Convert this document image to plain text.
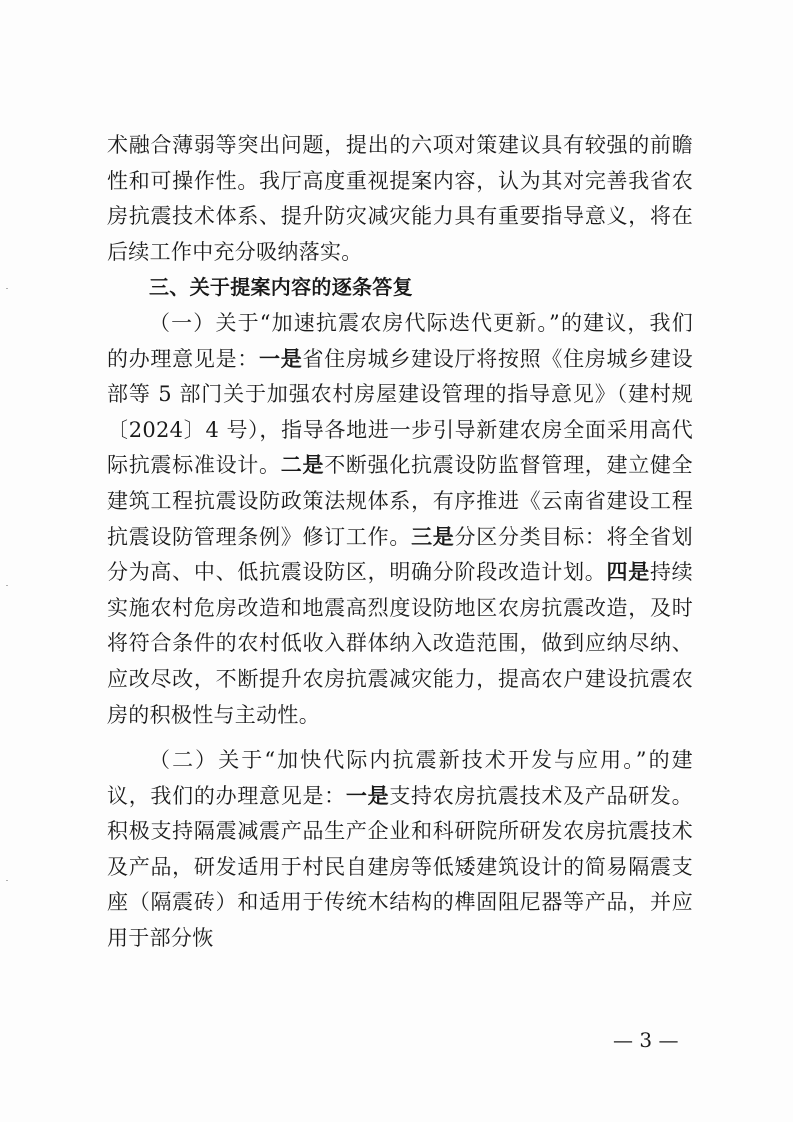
术融合薄弱等突出问题，提出的六项对策建议具有较强的前瞻性和可操作性。我厅高度重视提案内容，认为其对完善我省农房抗震技术体系、提升防灾减灾能力具有重要指导意义，将在后续工作中充分吸纳落实。

三、关于提案内容的逐条答复

（一）关于“加速抗震农房代际迭代更新。”的建议，我们的办理意见是：一是省住房城乡建设厅将按照《住房城乡建设部等 5 部门关于加强农村房屋建设管理的指导意见》（建村规〔2024〕4 号），指导各地进一步引导新建农房全面采用高代际抗震标准设计。二是不断强化抗震设防监督管理，建立健全建筑工程抗震设防政策法规体系，有序推进《云南省建设工程抗震设防管理条例》修订工作。三是分区分类目标：将全省划分为高、中、低抗震设防区，明确分阶段改造计划。四是持续实施农村危房改造和地震高烈度设防地区农房抗震改造，及时将符合条件的农村低收入群体纳入改造范围，做到应纳尽纳、应改尽改，不断提升农房抗震减灾能力，提高农户建设抗震农房的积极性与主动性。

（二）关于“加快代际内抗震新技术开发与应用。”的建议，我们的办理意见是：一是支持农房抗震技术及产品研发。积极支持隔震减震产品生产企业和科研院所研发农房抗震技术及产品，研发适用于村民自建房等低矮建筑设计的简易隔震支座（隔震砖）和适用于传统木结构的榫固阻尼器等产品，并应用于部分恢

— 3 —
